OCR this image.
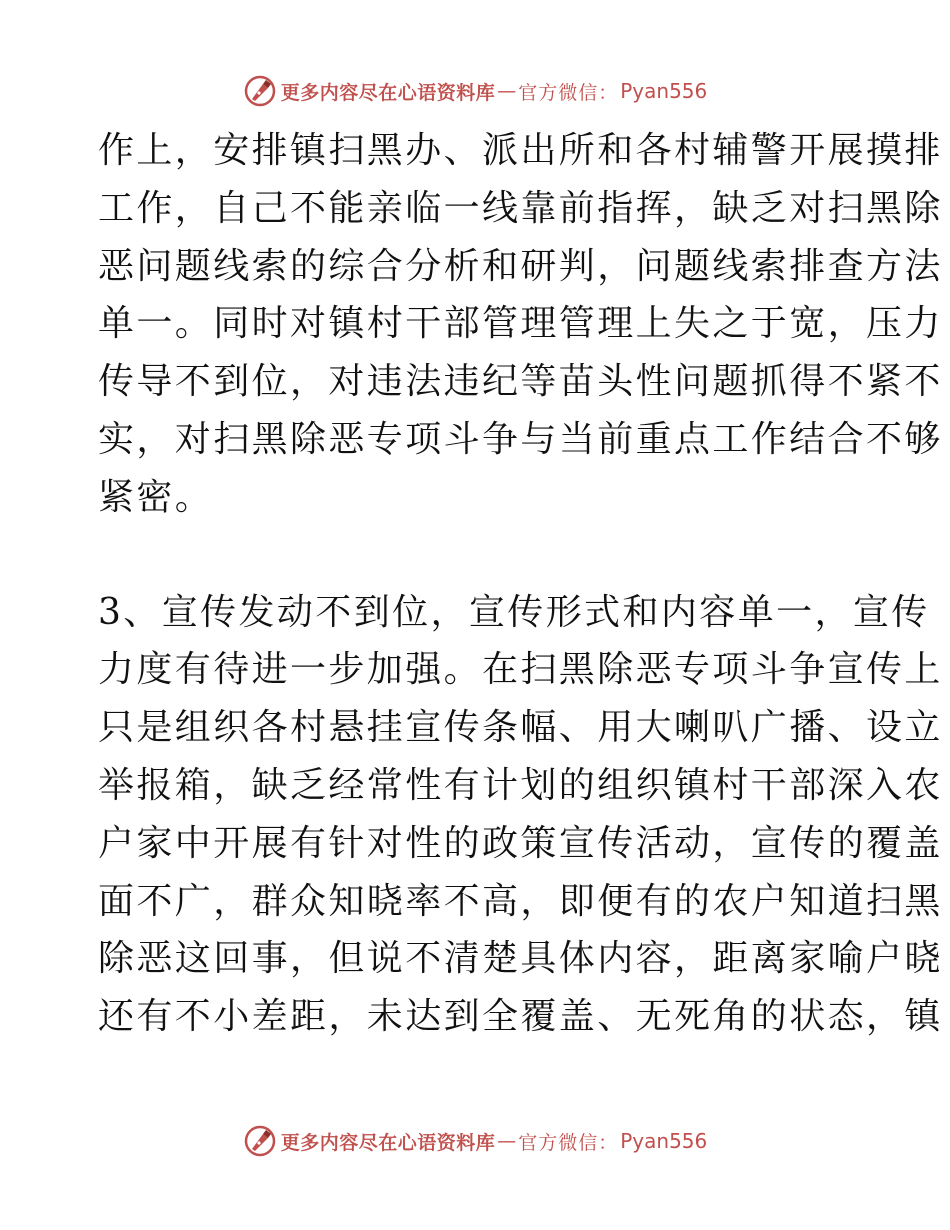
更多内容尽在心语资料库 — 官方微信： Pyan556

作上，安排镇扫黑办、派出所和各村辅警开展摸排
工作，自己不能亲临一线靠前指挥，缺乏对扫黑除
恶问题线索的综合分析和研判，问题线索排查方法
单一。同时对镇村干部管理管理上失之于宽，压力
传导不到位，对违法违纪等苗头性问题抓得不紧不
实，对扫黑除恶专项斗争与当前重点工作结合不够
紧密。

3、宣传发动不到位，宣传形式和内容单一，宣传
力度有待进一步加强。在扫黑除恶专项斗争宣传上
只是组织各村悬挂宣传条幅、用大喇叭广播、设立
举报箱，缺乏经常性有计划的组织镇村干部深入农
户家中开展有针对性的政策宣传活动，宣传的覆盖
面不广，群众知晓率不高，即便有的农户知道扫黑
除恶这回事，但说不清楚具体内容，距离家喻户晓
还有不小差距，未达到全覆盖、无死角的状态，镇

更多内容尽在心语资料库 — 官方微信： Pyan556
